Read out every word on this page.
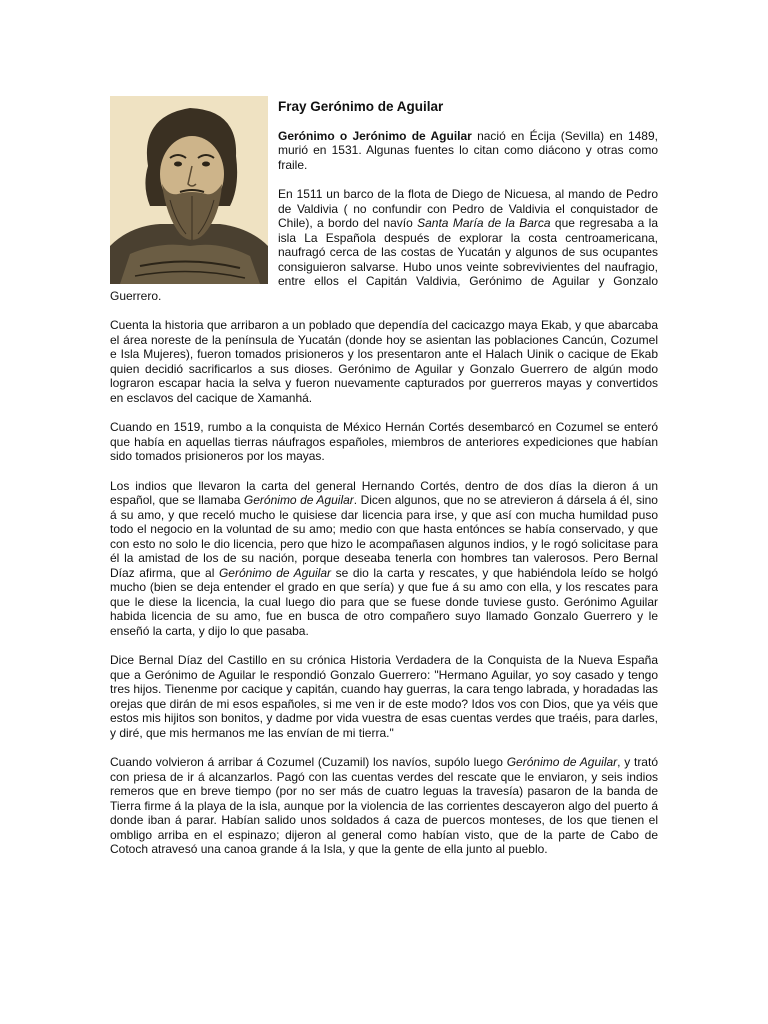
Fray Gerónimo de Aguilar

Gerónimo o Jerónimo de Aguilar nació en Écija (Sevilla) en 1489, murió en 1531. Algunas fuentes lo citan como diácono y otras como fraile.

En 1511 un barco de la flota de Diego de Nicuesa, al mando de Pedro de Valdivia ( no confundir con Pedro de Valdivia el conquistador de Chile), a bordo del navío Santa María de la Barca que regresaba a la isla La Española después de explorar la costa centroamericana, naufragó cerca de las costas de Yucatán y algunos de sus ocupantes consiguieron salvarse. Hubo unos veinte sobrevivientes del naufragio, entre ellos el Capitán Valdivia, Gerónimo de Aguilar y Gonzalo Guerrero.

Cuenta la historia que arribaron a un poblado que dependía del cacicazgo maya Ekab, y que abarcaba el área noreste de la península de Yucatán (donde hoy se asientan las poblaciones Cancún, Cozumel e Isla Mujeres), fueron tomados prisioneros y los presentaron ante el Halach Uinik o cacique de Ekab quien decidió sacrificarlos a sus dioses. Gerónimo de Aguilar y Gonzalo Guerrero de algún modo lograron escapar hacia la selva y fueron nuevamente capturados por guerreros mayas y convertidos en esclavos del cacique de Xamanhá.

Cuando en 1519, rumbo a la conquista de México Hernán Cortés desembarcó en Cozumel se enteró que había en aquellas tierras náufragos españoles, miembros de anteriores expediciones que habían sido tomados prisioneros por los mayas.

Los indios que llevaron la carta del general Hernando Cortés, dentro de dos días la dieron á un español, que se llamaba Gerónimo de Aguilar. Dicen algunos, que no se atrevieron á dársela á él, sino á su amo, y que receló mucho le quisiese dar licencia para irse, y que así con mucha humildad puso todo el negocio en la voluntad de su amo; medio con que hasta entónces se había conservado, y que con esto no solo le dio licencia, pero que hizo le acompañasen algunos indios, y le rogó solicitase para él la amistad de los de su nación, porque deseaba tenerla con hombres tan valerosos. Pero Bernal Díaz afirma, que al Gerónimo de Aguilar se dio la carta y rescates, y que habiéndola leído se holgó mucho (bien se deja entender el grado en que sería) y que fue á su amo con ella, y los rescates para que le diese la licencia, la cual luego dio para que se fuese donde tuviese gusto. Gerónimo Aguilar habida licencia de su amo, fue en busca de otro compañero suyo llamado Gonzalo Guerrero y le enseñó la carta, y dijo lo que pasaba.

Dice Bernal Díaz del Castillo en su crónica Historia Verdadera de la Conquista de la Nueva España que a Gerónimo de Aguilar le respondió Gonzalo Guerrero: "Hermano Aguilar, yo soy casado y tengo tres hijos. Tienenme por cacique y capitán, cuando hay guerras, la cara tengo labrada, y horadadas las orejas que dirán de mi esos españoles, si me ven ir de este modo? Idos vos con Dios, que ya véis que estos mis hijitos son bonitos, y dadme por vida vuestra de esas cuentas verdes que traéis, para darles, y diré, que mis hermanos me las envían de mi tierra."

Cuando volvieron á arribar á Cozumel (Cuzamil) los navíos, supólo luego Gerónimo de Aguilar, y trató con priesa de ir á alcanzarlos. Pagó con las cuentas verdes del rescate que le enviaron, y seis indios remeros que en breve tiempo (por no ser más de cuatro leguas la travesía) pasaron de la banda de Tierra firme á la playa de la isla, aunque por la violencia de las corrientes descayeron algo del puerto á donde iban á parar. Habían salido unos soldados á caza de puercos monteses, de los que tienen el ombligo arriba en el espinazo; dijeron al general como habían visto, que de la parte de Cabo de Cotoch atravesó una canoa grande á la Isla, y que la gente de ella junto al pueblo.
